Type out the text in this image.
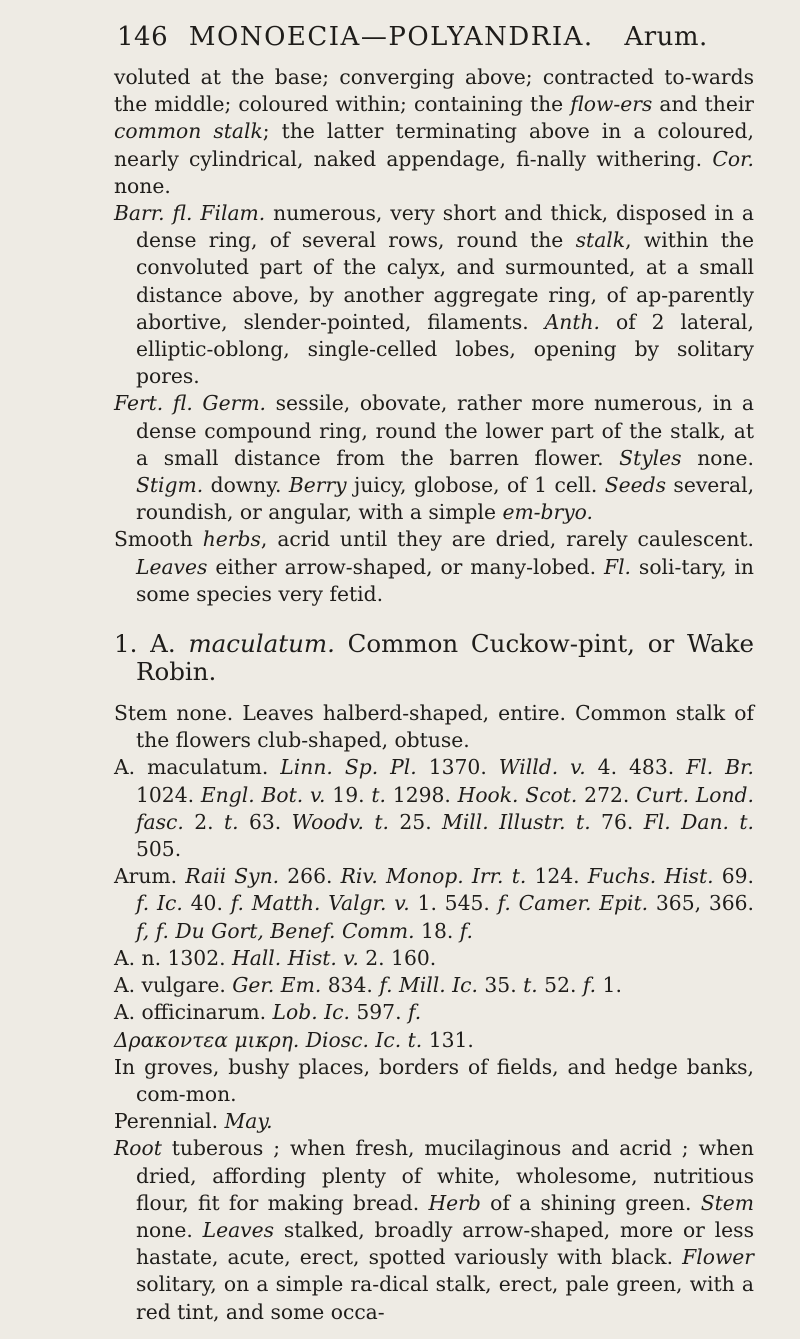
146 MONOECIA—POLYANDRIA. Arum.

voluted at the base; converging above; contracted to-wards the middle; coloured within; containing the flow-ers and their common stalk; the latter terminating above in a coloured, nearly cylindrical, naked appendage, fi-nally withering. Cor. none.

Barr. fl. Filam. numerous, very short and thick, disposed in a dense ring, of several rows, round the stalk, within the convoluted part of the calyx, and surmounted, at a small distance above, by another aggregate ring, of ap-parently abortive, slender-pointed, filaments. Anth. of 2 lateral, elliptic-oblong, single-celled lobes, opening by solitary pores.

Fert. fl. Germ. sessile, obovate, rather more numerous, in a dense compound ring, round the lower part of the stalk, at a small distance from the barren flower. Styles none. Stigm. downy. Berry juicy, globose, of 1 cell. Seeds several, roundish, or angular, with a simple em-bryo.

Smooth herbs, acrid until they are dried, rarely caulescent. Leaves either arrow-shaped, or many-lobed. Fl. soli-tary, in some species very fetid.

1. A. maculatum. Common Cuckow-pint, or Wake Robin.

Stem none. Leaves halberd-shaped, entire. Common stalk of the flowers club-shaped, obtuse.

A. maculatum. Linn. Sp. Pl. 1370. Willd. v. 4. 483. Fl. Br. 1024. Engl. Bot. v. 19. t. 1298. Hook. Scot. 272. Curt. Lond. fasc. 2. t. 63. Woodv. t. 25. Mill. Illustr. t. 76. Fl. Dan. t. 505.

Arum. Raii Syn. 266. Riv. Monop. Irr. t. 124. Fuchs. Hist. 69. f. Ic. 40. f. Matth. Valgr. v. 1. 545. f. Camer. Epit. 365, 366. f, f. Du Gort, Benef. Comm. 18. f.

A. n. 1302. Hall. Hist. v. 2. 160.

A. vulgare. Ger. Em. 834. f. Mill. Ic. 35. t. 52. f. 1.

A. officinarum. Lob. Ic. 597. f.

Δρακοντεα μικρη. Diosc. Ic. t. 131.

In groves, bushy places, borders of fields, and hedge banks, com-mon.

Perennial. May.

Root tuberous ; when fresh, mucilaginous and acrid ; when dried, affording plenty of white, wholesome, nutritious flour, fit for making bread. Herb of a shining green. Stem none. Leaves stalked, broadly arrow-shaped, more or less hastate, acute, erect, spotted variously with black. Flower solitary, on a simple ra-dical stalk, erect, pale green, with a red tint, and some occa-
